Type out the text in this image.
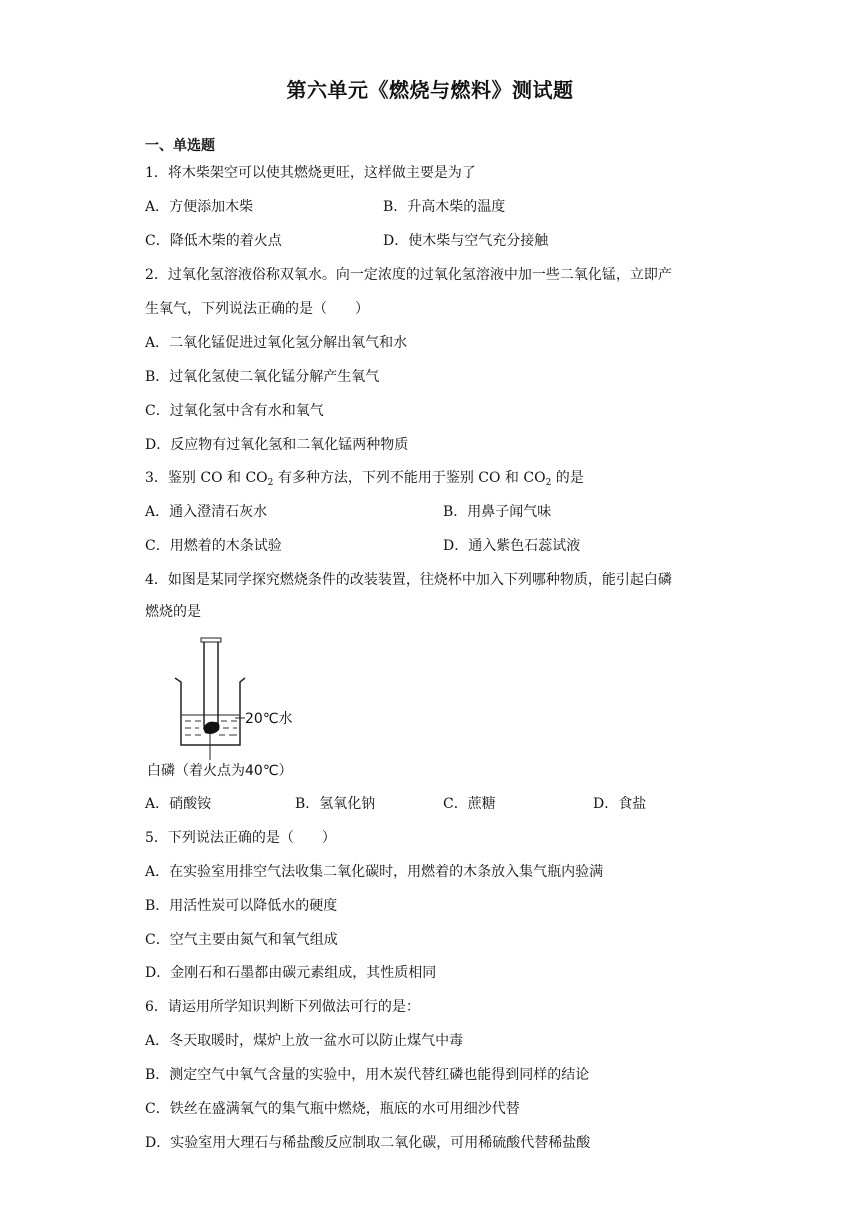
第六单元《燃烧与燃料》测试题
一、单选题
1．将木柴架空可以使其燃烧更旺，这样做主要是为了
A．方便添加木柴	B．升高木柴的温度
C．降低木柴的着火点	D．使木柴与空气充分接触
2．过氧化氢溶液俗称双氧水。向一定浓度的过氧化氢溶液中加一些二氧化锰，立即产
生氧气，下列说法正确的是（　　）
A．二氧化锰促进过氧化氢分解出氧气和水
B．过氧化氢使二氧化锰分解产生氧气
C．过氧化氢中含有水和氧气
D．反应物有过氧化氢和二氧化锰两种物质
3．鉴别 CO 和 $CO_2$ 有多种方法，下列不能用于鉴别 CO 和 $CO_2$ 的是
A．通入澄清石灰水	B．用鼻子闻气味
C．用燃着的木条试验	D．通入紫色石蕊试液
4．如图是某同学探究燃烧条件的改装装置，往烧杯中加入下列哪种物质，能引起白磷
燃烧的是
20℃水
白磷（着火点为40℃）
A．硝酸铵	B．氢氧化钠	C．蔗糖	D．食盐
5．下列说法正确的是（　　）
A．在实验室用排空气法收集二氧化碳时，用燃着的木条放入集气瓶内验满
B．用活性炭可以降低水的硬度
C．空气主要由氮气和氧气组成
D．金刚石和石墨都由碳元素组成，其性质相同
6．请运用所学知识判断下列做法可行的是：
A．冬天取暖时，煤炉上放一盆水可以防止煤气中毒
B．测定空气中氧气含量的实验中，用木炭代替红磷也能得到同样的结论
C．铁丝在盛满氧气的集气瓶中燃烧，瓶底的水可用细沙代替
D．实验室用大理石与稀盐酸反应制取二氧化碳，可用稀硫酸代替稀盐酸
